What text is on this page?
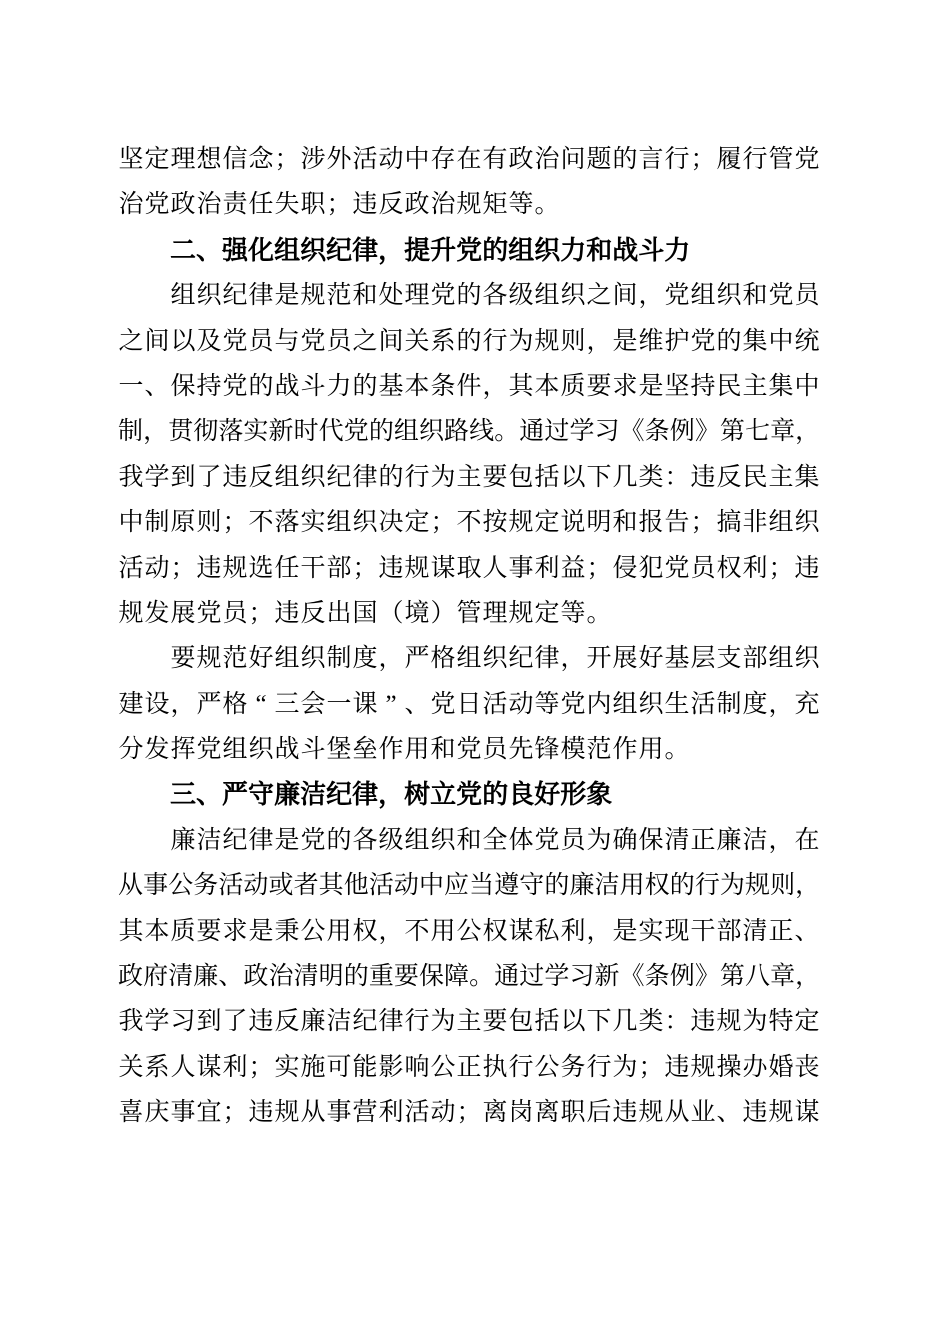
坚 定 理 想 信 念 ； 涉 外 活 动 中 存 在 有 政 治 问 题 的 言 行 ； 履 行 管 党
治 党 政 治 责 任 失 职 ； 违 反 政 治 规 矩 等 。
二 、 强 化 组 织 纪 律 ， 提 升 党 的 组 织 力 和 战 斗 力
组 织 纪 律 是 规 范 和 处 理 党 的 各 级 组 织 之 间 ， 党 组 织 和 党 员
之 间 以 及 党 员 与 党 员 之 间 关 系 的 行 为 规 则 ， 是 维 护 党 的 集 中 统
一 、 保 持 党 的 战 斗 力 的 基 本 条 件 ， 其 本 质 要 求 是 坚 持 民 主 集 中
制 ， 贯 彻 落 实 新 时 代 党 的 组 织 路 线 。 通 过 学 习 《 条 例 》 第 七 章 ，
我 学 到 了 违 反 组 织 纪 律 的 行 为 主 要 包 括 以 下 几 类 ： 违 反 民 主 集
中 制 原 则 ； 不 落 实 组 织 决 定 ； 不 按 规 定 说 明 和 报 告 ； 搞 非 组 织
活 动 ； 违 规 选 任 干 部 ； 违 规 谋 取 人 事 利 益 ； 侵 犯 党 员 权 利 ； 违
规 发 展 党 员 ； 违 反 出 国 （ 境 ） 管 理 规 定 等 。
要 规 范 好 组 织 制 度 ， 严 格 组 织 纪 律 ， 开 展 好 基 层 支 部 组 织
建 设 ， 严 格 “ 三 会 一 课 ” 、 党 日 活 动 等 党 内 组 织 生 活 制 度 ， 充
分 发 挥 党 组 织 战 斗 堡 垒 作 用 和 党 员 先 锋 模 范 作 用 。
三 、 严 守 廉 洁 纪 律 ， 树 立 党 的 良 好 形 象
廉 洁 纪 律 是 党 的 各 级 组 织 和 全 体 党 员 为 确 保 清 正 廉 洁 ， 在
从 事 公 务 活 动 或 者 其 他 活 动 中 应 当 遵 守 的 廉 洁 用 权 的 行 为 规 则 ，
其 本 质 要 求 是 秉 公 用 权 ， 不 用 公 权 谋 私 利 ， 是 实 现 干 部 清 正 、
政 府 清 廉 、 政 治 清 明 的 重 要 保 障 。 通 过 学 习 新 《 条 例 》 第 八 章 ，
我 学 习 到 了 违 反 廉 洁 纪 律 行 为 主 要 包 括 以 下 几 类 ： 违 规 为 特 定
关 系 人 谋 利 ； 实 施 可 能 影 响 公 正 执 行 公 务 行 为 ； 违 规 操 办 婚 丧
喜 庆 事 宜 ； 违 规 从 事 营 利 活 动 ； 离 岗 离 职 后 违 规 从 业 、 违 规 谋
